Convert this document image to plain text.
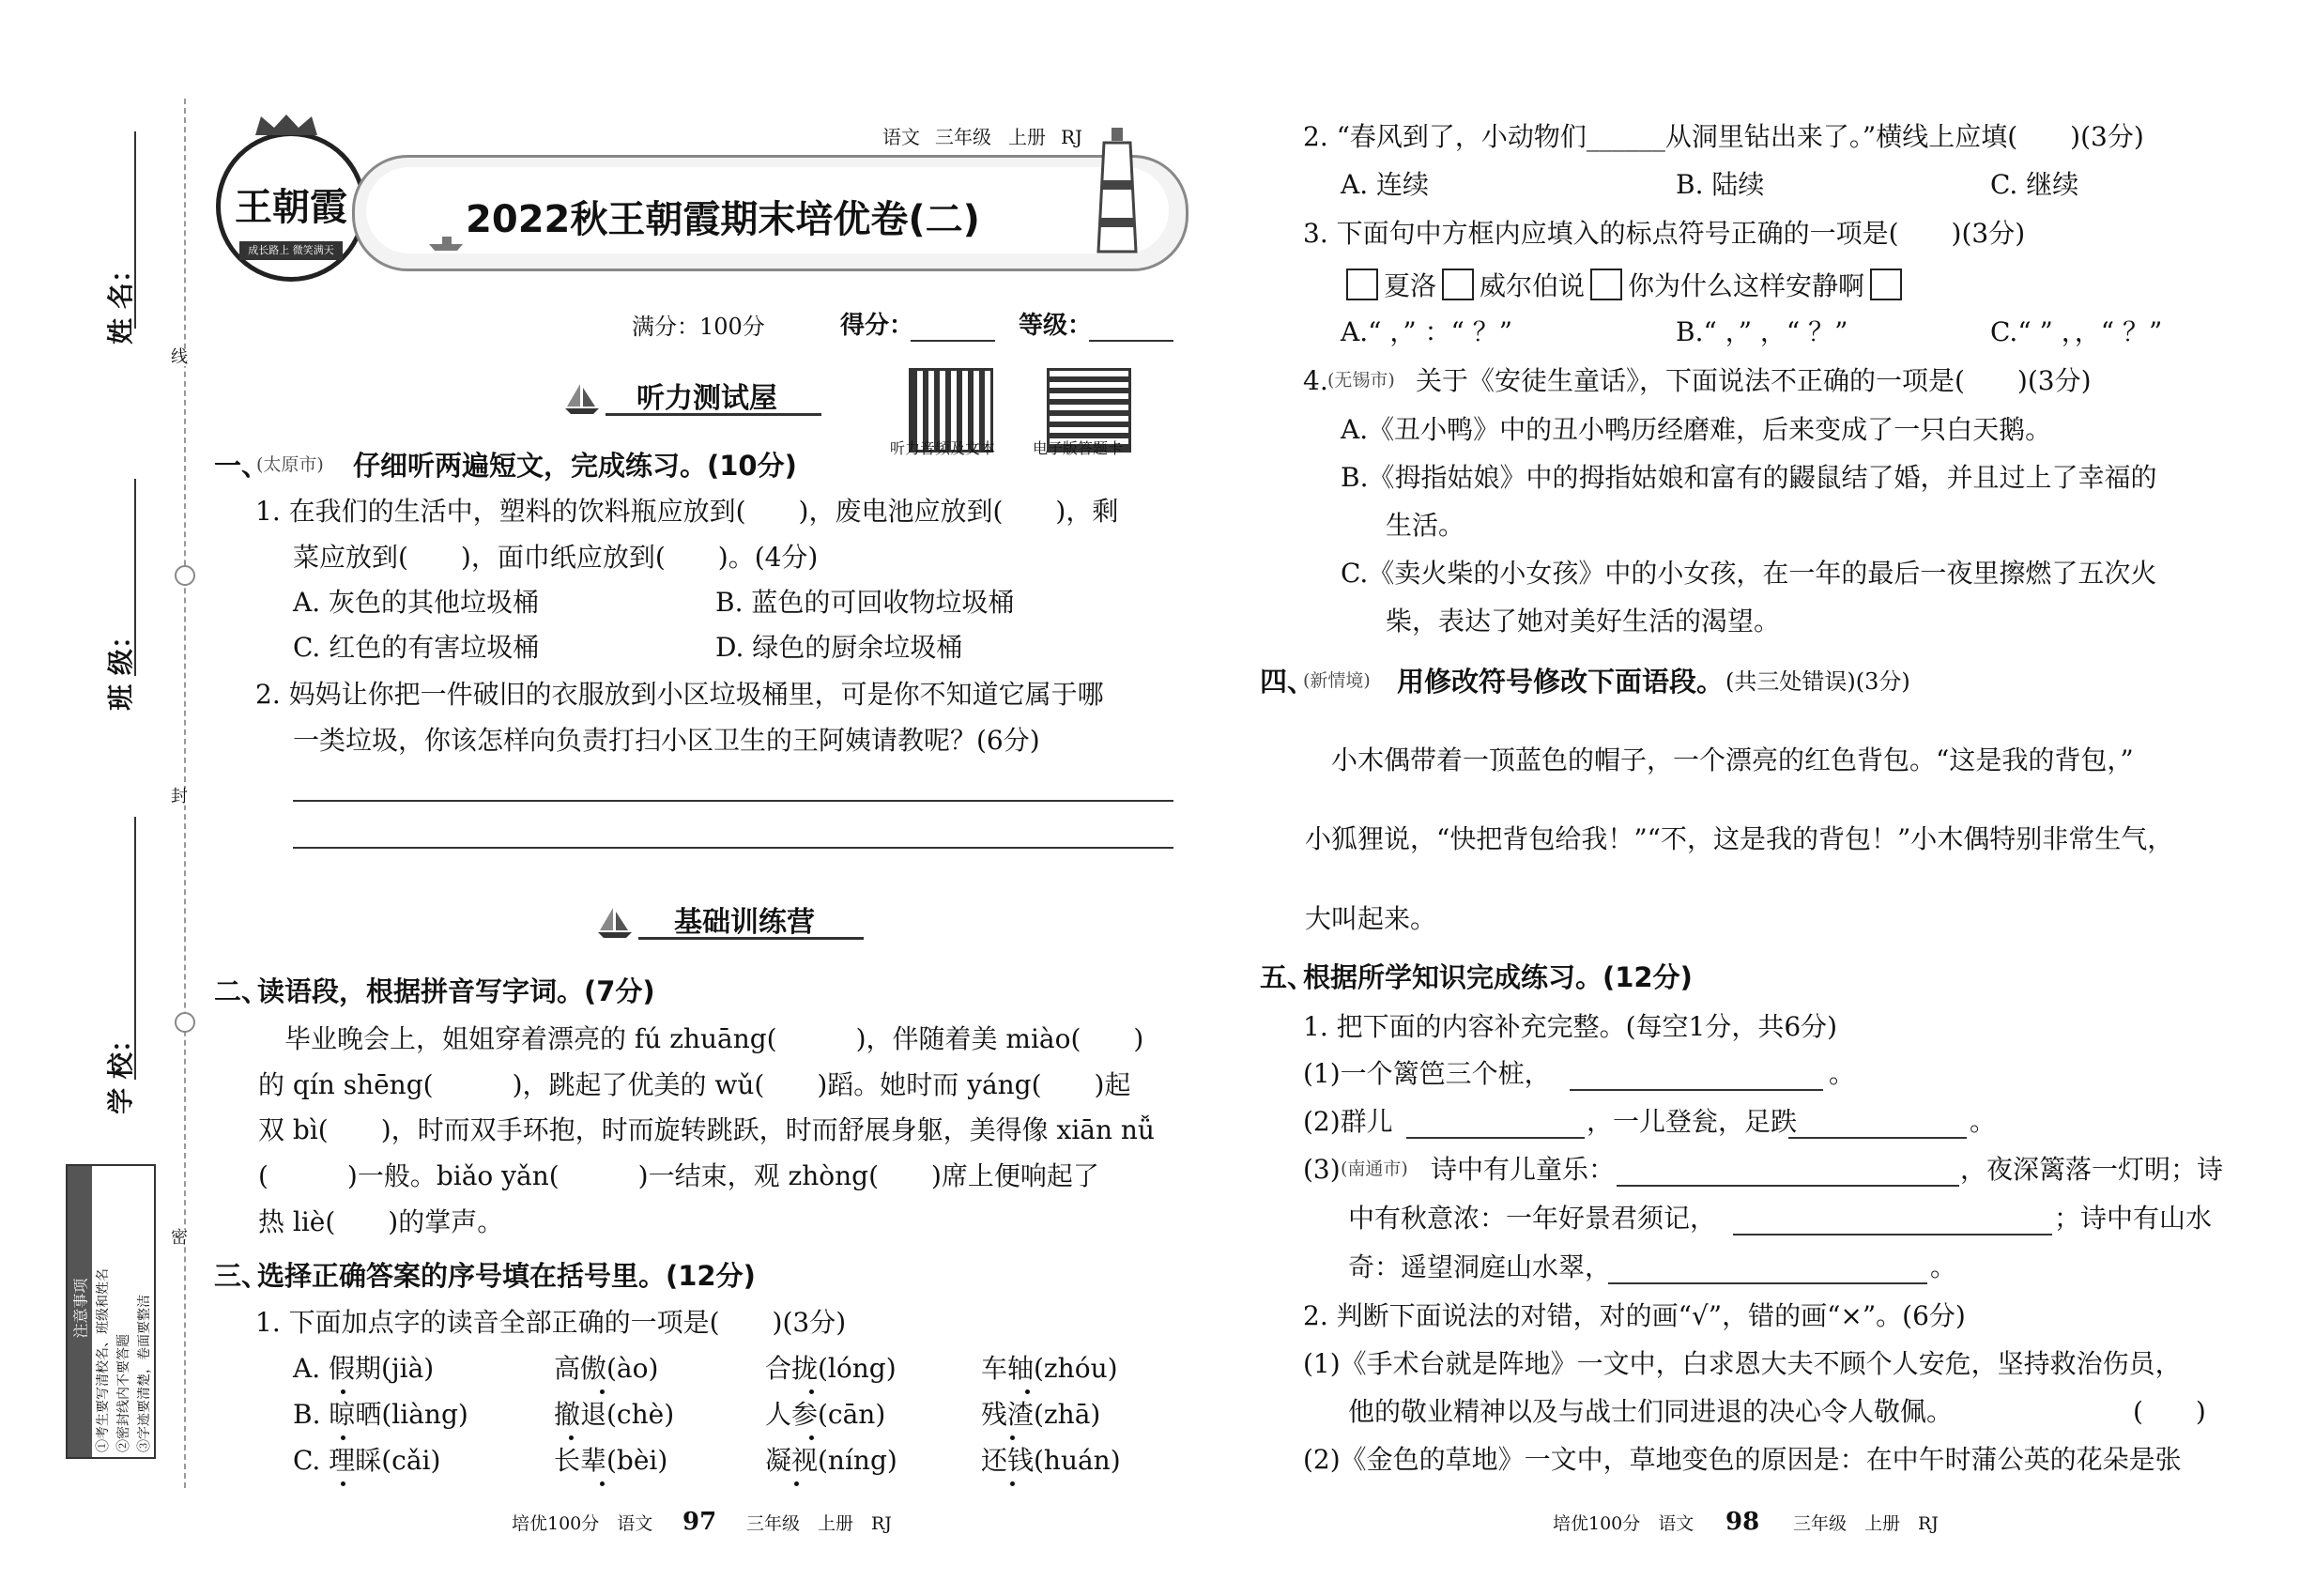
姓 名：
班 级：
学 校：
线
封
密
注意事项 ①考生要写清校名、班级和姓名 ②密封线内不要答题 ③字迹要清楚，卷面要整洁
王朝霞
成长路上 微笑满天
2022秋王朝霞期末培优卷(二)
语文 三年级 上册 RJ
满分：100分	得分：	等级：
听力音频及文本 电子版答题卡
听力测试屋
一、
(太原市) 仔细听两遍短文，完成练习。(10分)
1. 在我们的生活中，塑料的饮料瓶应放到(　　)，废电池应放到(　　)，剩
菜应放到(　　)，面巾纸应放到(　　)。(4分)
A. 灰色的其他垃圾桶	B. 蓝色的可回收物垃圾桶
C. 红色的有害垃圾桶	D. 绿色的厨余垃圾桶
2. 妈妈让你把一件破旧的衣服放到小区垃圾桶里，可是你不知道它属于哪
一类垃圾，你该怎样向负责打扫小区卫生的王阿姨请教呢？(6分)
基础训练营
二、
读语段，根据拼音写字词。(7分)
　毕业晚会上，姐姐穿着漂亮的 fú zhuāng(　　　)，伴随着美 miào(　　)
的 qín shēng(　　　)，跳起了优美的 wǔ(　　)蹈。她时而 yáng(　　)起
双 bì(　　)，时而双手环抱，时而旋转跳跃，时而舒展身躯，美得像 xiān nǚ
(　　　)一般。biǎo yǎn(　　　)一结束，观 zhòng(　　)席上便响起了
热 liè(　　)的掌声。
三、
选择正确答案的序号填在括号里。(12分)
1. 下面加点字的读音全部正确的一项是(　　)(3分)
A. 假期(jià)	高傲(ào)	合拢(lóng)	车轴(zhóu)
B. 晾晒(liàng)	撤退(chè)	人参(cān)	残渣(zhā)
C. 理睬(cǎi)	长辈(bèi)	凝视(níng)	还钱(huán)
培优100分　语文 97 三年级　上册　RJ
2. “春风到了，小动物们______从洞里钻出来了。”横线上应填(　　)(3分)
A. 连续	B. 陆续	C. 继续
3. 下面句中方框内应填入的标点符号正确的一项是(　　)(3分)
夏洛 威尔伯说 你为什么这样安静啊
A.“ ，” ：“ ？”	B.“ ，” ，“ ？”	C.“ ” ，，“ ？”
4. (无锡市) 关于《安徒生童话》，下面说法不正确的一项是(　　)(3分)
A.《丑小鸭》中的丑小鸭历经磨难，后来变成了一只白天鹅。
B.《拇指姑娘》中的拇指姑娘和富有的鼹鼠结了婚，并且过上了幸福的
生活。
C.《卖火柴的小女孩》中的小女孩，在一年的最后一夜里擦燃了五次火
柴，表达了她对美好生活的渴望。
四、
(新情境) 用修改符号修改下面语段。 (共三处错误)(3分)
　小木偶带着一顶蓝色的帽子，一个漂亮的红色背包。“这是我的背包，”
小狐狸说，“快把背包给我！”“不，这是我的背包！”小木偶特别非常生气，
大叫起来。
五、
根据所学知识完成练习。(12分)
1. 把下面的内容补充完整。(每空1分，共6分)
(1)一个篱笆三个桩，	。
(2)群儿	，一儿登瓮，足跌	。
(3) (南通市) 诗中有儿童乐：	，夜深篱落一灯明；诗
中有秋意浓：一年好景君须记，	；诗中有山水
奇：遥望洞庭山水翠，	。
2. 判断下面说法的对错，对的画“√”，错的画“×”。(6分)
(1)《手术台就是阵地》一文中，白求恩大夫不顾个人安危，坚持救治伤员，
他的敬业精神以及与战士们同进退的决心令人敬佩。	(　　)
(2)《金色的草地》一文中，草地变色的原因是：在中午时蒲公英的花朵是张
培优100分　语文 98 三年级　上册　RJ
